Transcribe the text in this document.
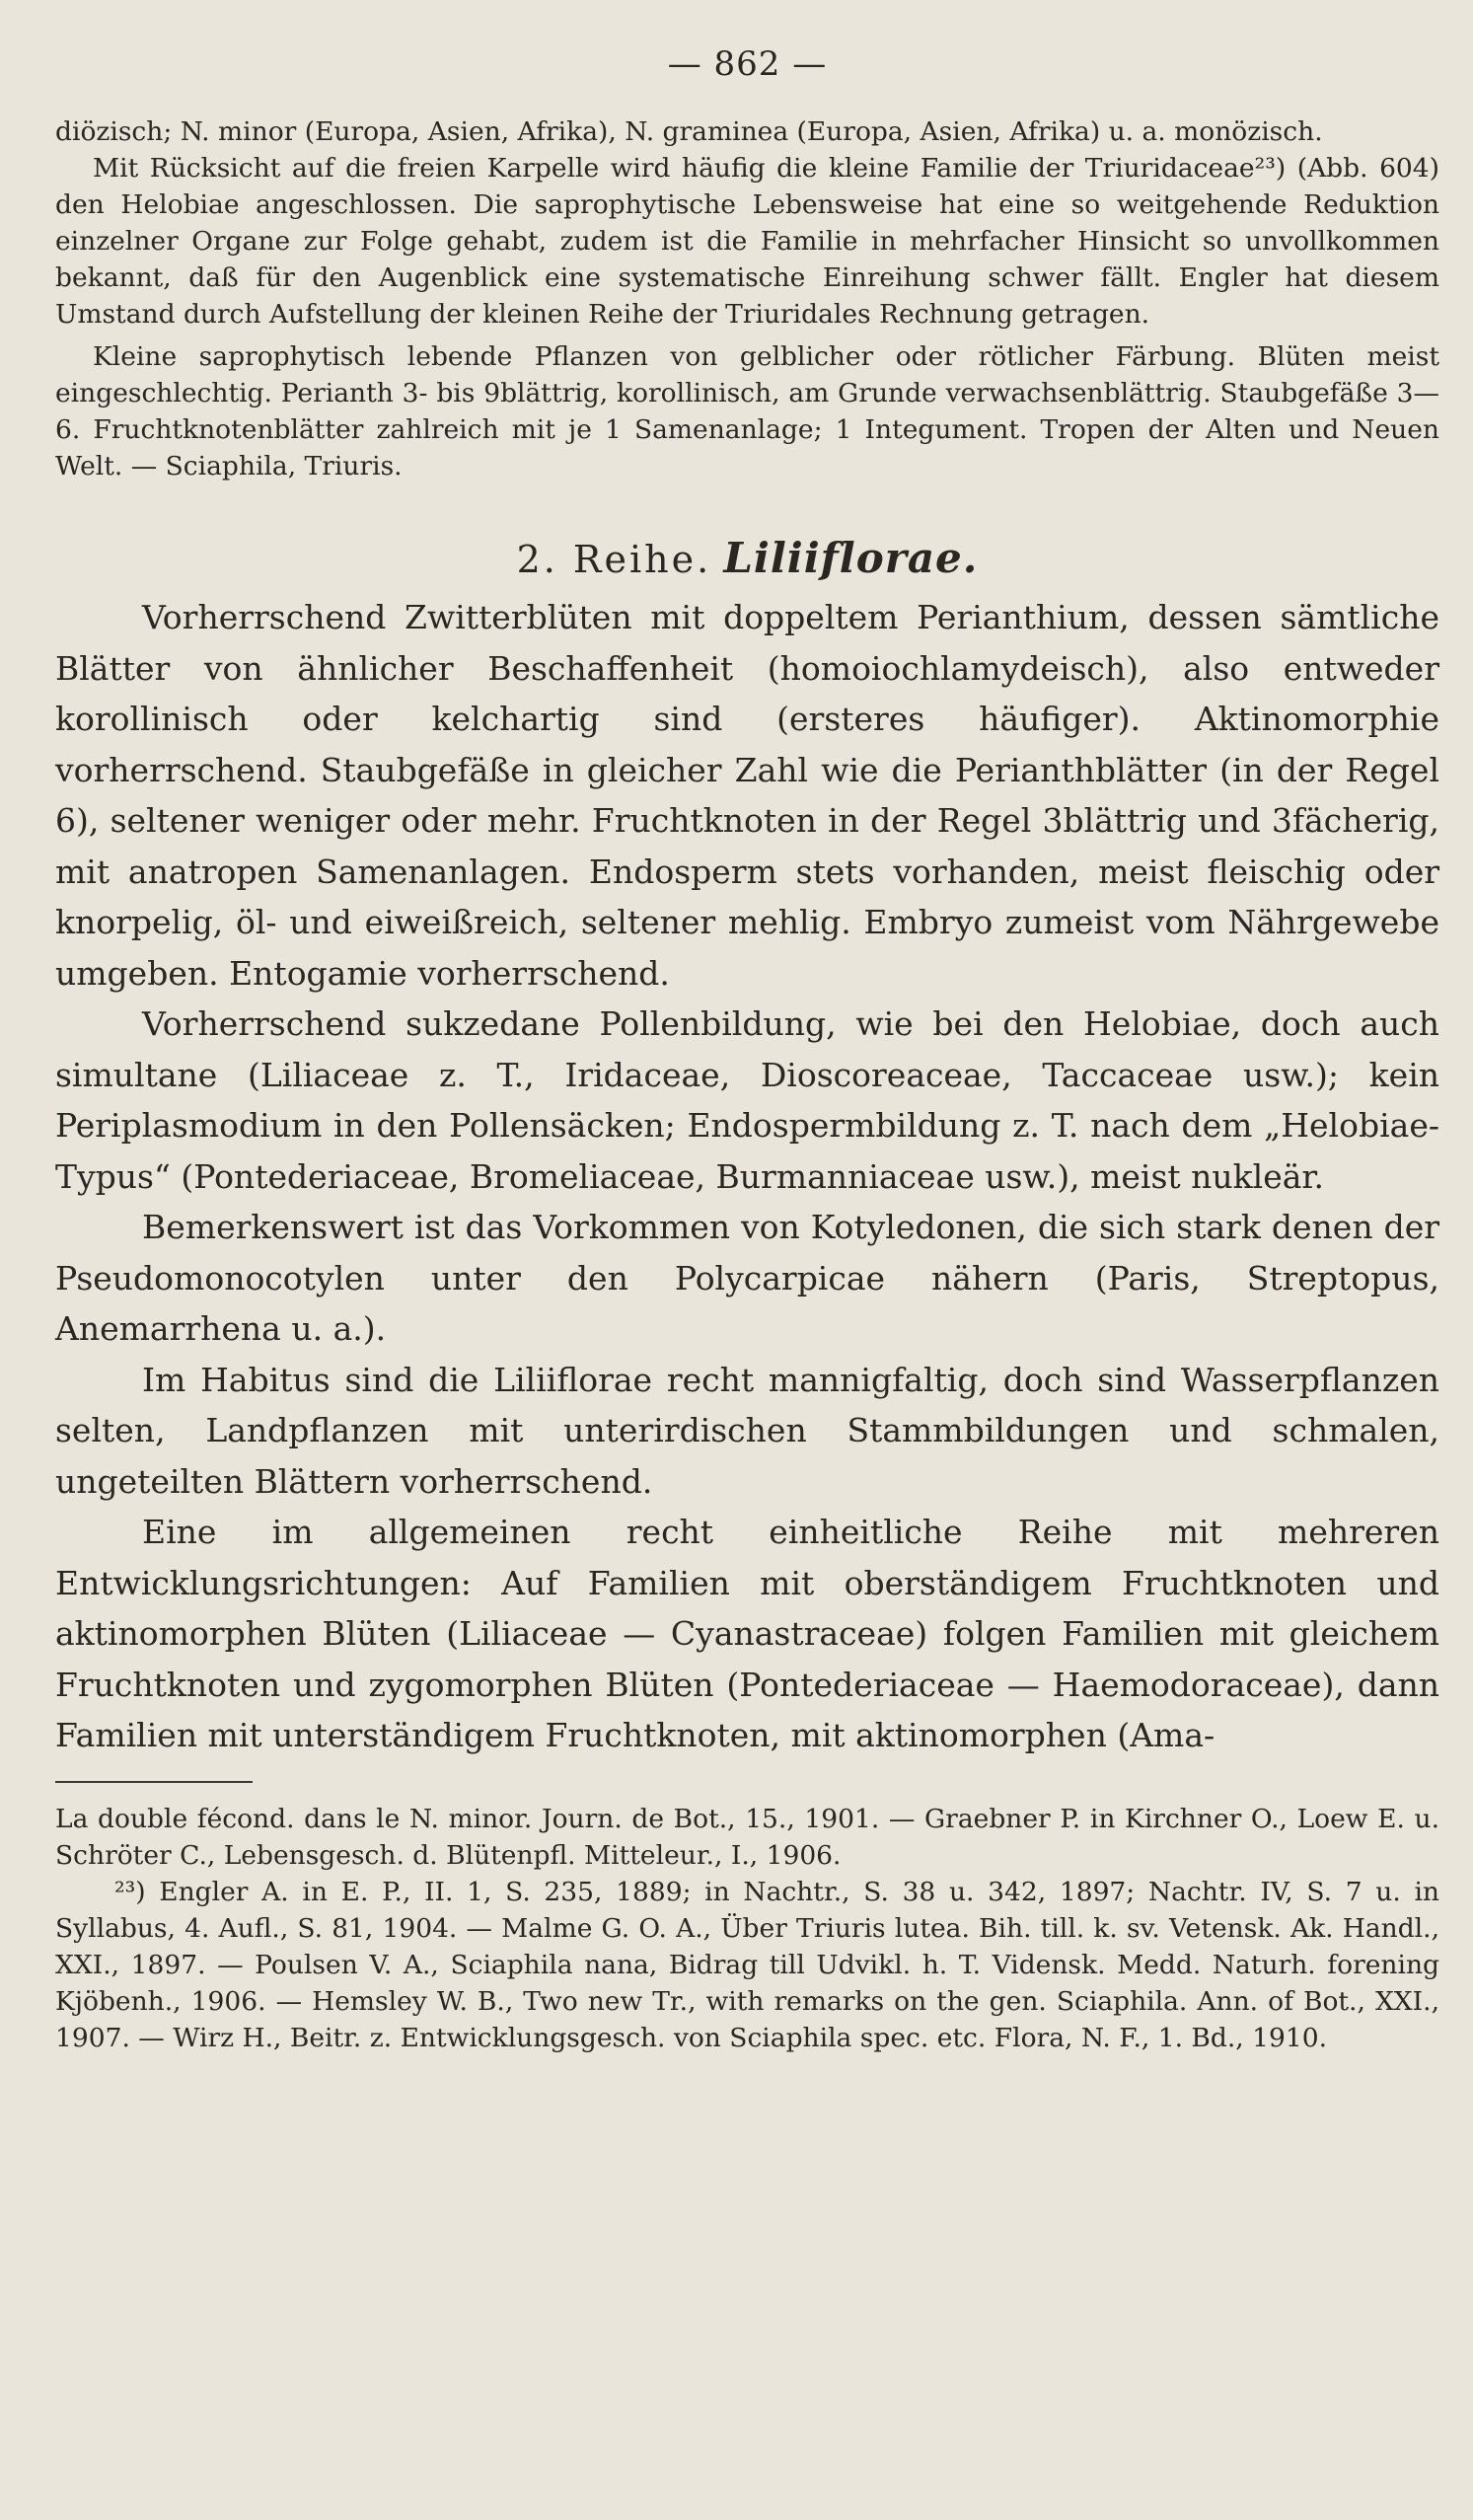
— 862 —

diözisch; N. minor (Europa, Asien, Afrika), N. graminea (Europa, Asien, Afrika) u. a. monözisch.

Mit Rücksicht auf die freien Karpelle wird häufig die kleine Familie der Triuridaceae²³) (Abb. 604) den Helobiae angeschlossen. Die saprophytische Lebensweise hat eine so weitgehende Reduktion einzelner Organe zur Folge gehabt, zudem ist die Familie in mehrfacher Hinsicht so unvollkommen bekannt, daß für den Augenblick eine systematische Einreihung schwer fällt. Engler hat diesem Umstand durch Aufstellung der kleinen Reihe der Triuridales Rechnung getragen.

Kleine saprophytisch lebende Pflanzen von gelblicher oder rötlicher Färbung. Blüten meist eingeschlechtig. Perianth 3- bis 9blättrig, korollinisch, am Grunde verwachsenblättrig. Staubgefäße 3—6. Fruchtknotenblätter zahlreich mit je 1 Samenanlage; 1 Integument. Tropen der Alten und Neuen Welt. — Sciaphila, Triuris.

2. Reihe. Liliiflorae.

Vorherrschend Zwitterblüten mit doppeltem Perianthium, dessen sämtliche Blätter von ähnlicher Beschaffenheit (homoiochlamydeisch), also entweder korollinisch oder kelchartig sind (ersteres häufiger). Aktinomorphie vorherrschend. Staubgefäße in gleicher Zahl wie die Perianthblätter (in der Regel 6), seltener weniger oder mehr. Fruchtknoten in der Regel 3blättrig und 3fächerig, mit anatropen Samenanlagen. Endosperm stets vorhanden, meist fleischig oder knorpelig, öl- und eiweißreich, seltener mehlig. Embryo zumeist vom Nährgewebe umgeben. Entogamie vorherrschend.

Vorherrschend sukzedane Pollenbildung, wie bei den Helobiae, doch auch simultane (Liliaceae z. T., Iridaceae, Dioscoreaceae, Taccaceae usw.); kein Periplasmodium in den Pollensäcken; Endospermbildung z. T. nach dem „Helobiae-Typus“ (Pontederiaceae, Bromeliaceae, Burmanniaceae usw.), meist nukleär.

Bemerkenswert ist das Vorkommen von Kotyledonen, die sich stark denen der Pseudomonocotylen unter den Polycarpicae nähern (Paris, Streptopus, Anemarrhena u. a.).

Im Habitus sind die Liliiflorae recht mannigfaltig, doch sind Wasserpflanzen selten, Landpflanzen mit unterirdischen Stammbildungen und schmalen, ungeteilten Blättern vorherrschend.

Eine im allgemeinen recht einheitliche Reihe mit mehreren Entwicklungsrichtungen: Auf Familien mit oberständigem Fruchtknoten und aktinomorphen Blüten (Liliaceae — Cyanastraceae) folgen Familien mit gleichem Fruchtknoten und zygomorphen Blüten (Pontederiaceae — Haemodoraceae), dann Familien mit unterständigem Fruchtknoten, mit aktinomorphen (Ama-

La double fécond. dans le N. minor. Journ. de Bot., 15., 1901. — Graebner P. in Kirchner O., Loew E. u. Schröter C., Lebensgesch. d. Blütenpfl. Mitteleur., I., 1906.

²³) Engler A. in E. P., II. 1, S. 235, 1889; in Nachtr., S. 38 u. 342, 1897; Nachtr. IV, S. 7 u. in Syllabus, 4. Aufl., S. 81, 1904. — Malme G. O. A., Über Triuris lutea. Bih. till. k. sv. Vetensk. Ak. Handl., XXI., 1897. — Poulsen V. A., Sciaphila nana, Bidrag till Udvikl. h. T. Vidensk. Medd. Naturh. forening Kjöbenh., 1906. — Hemsley W. B., Two new Tr., with remarks on the gen. Sciaphila. Ann. of Bot., XXI., 1907. — Wirz H., Beitr. z. Entwicklungsgesch. von Sciaphila spec. etc. Flora, N. F., 1. Bd., 1910.
